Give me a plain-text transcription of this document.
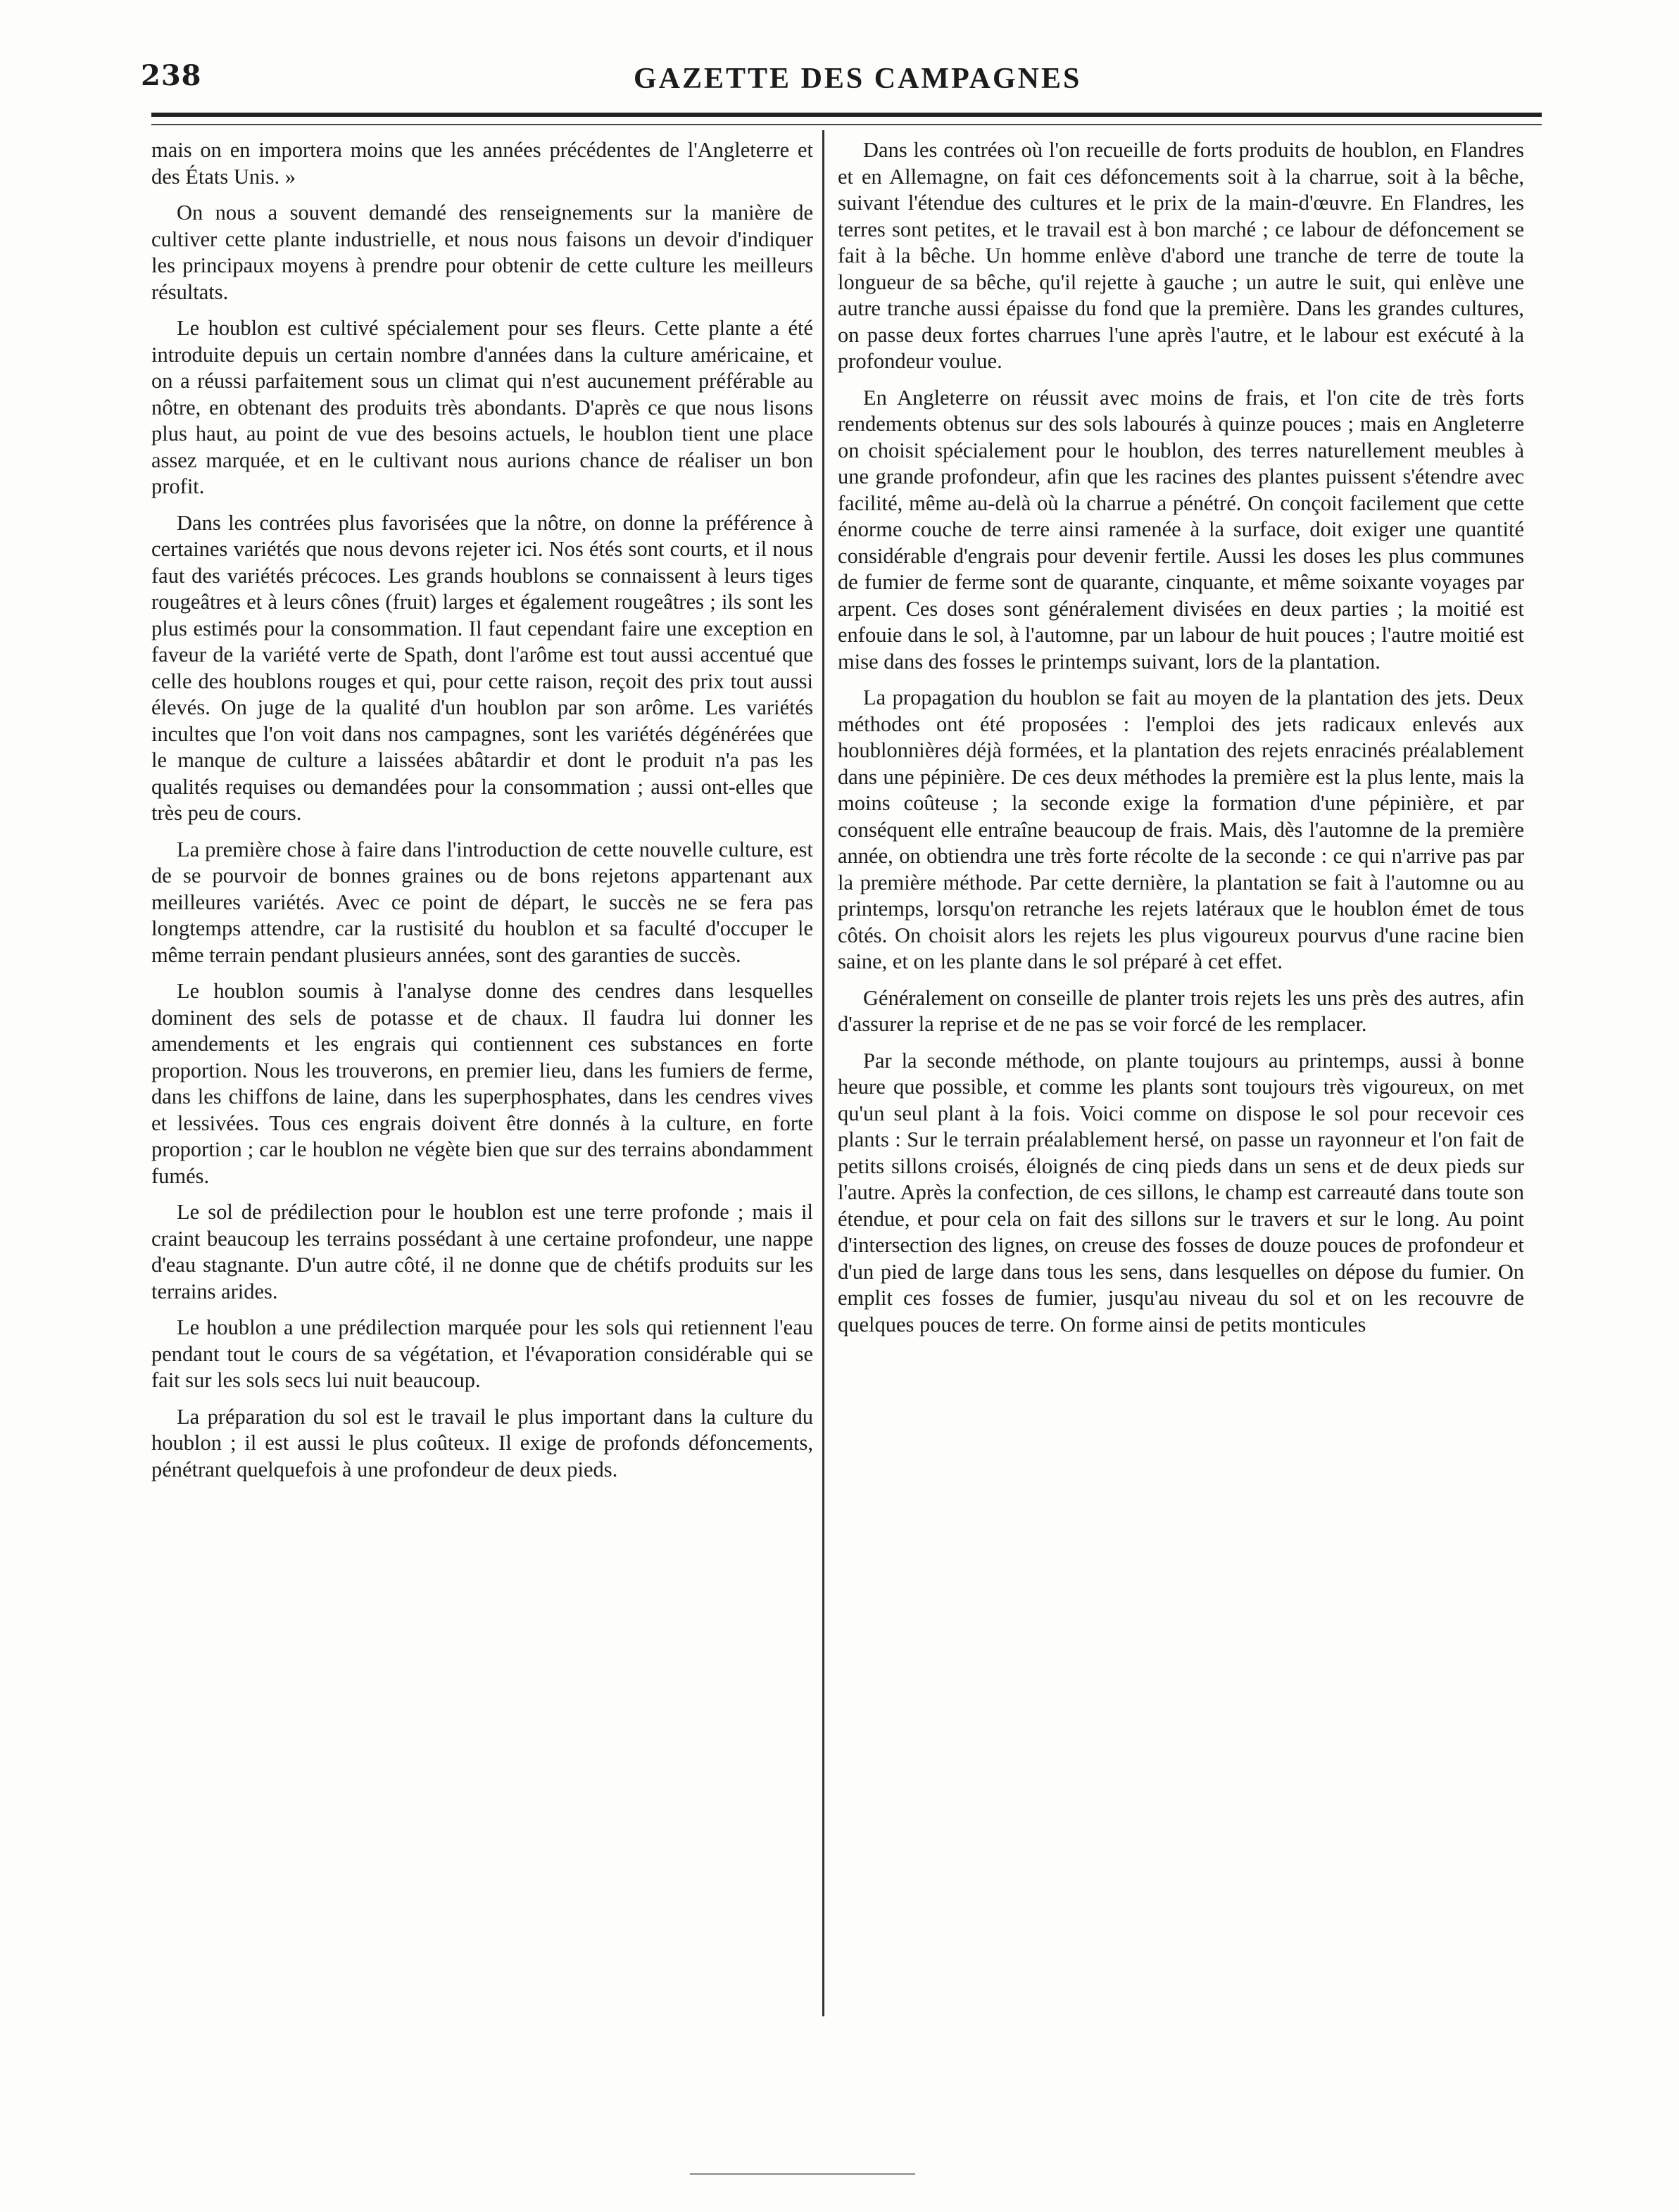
238	GAZETTE DES CAMPAGNES

mais on en importera moins que les années précédentes de l'Angleterre et des États Unis. »

On nous a souvent demandé des renseignements sur la manière de cultiver cette plante industrielle, et nous nous faisons un devoir d'indiquer les principaux moyens à prendre pour obtenir de cette culture les meilleurs résultats.

Le houblon est cultivé spécialement pour ses fleurs. Cette plante a été introduite depuis un certain nombre d'années dans la culture américaine, et on a réussi parfaitement sous un climat qui n'est aucunement préférable au nôtre, en obtenant des produits très abondants. D'après ce que nous lisons plus haut, au point de vue des besoins actuels, le houblon tient une place assez marquée, et en le cultivant nous aurions chance de réaliser un bon profit.

Dans les contrées plus favorisées que la nôtre, on donne la préférence à certaines variétés que nous devons rejeter ici. Nos étés sont courts, et il nous faut des variétés précoces. Les grands houblons se connaissent à leurs tiges rougeâtres et à leurs cônes (fruit) larges et également rougeâtres ; ils sont les plus estimés pour la consommation. Il faut cependant faire une exception en faveur de la variété verte de Spath, dont l'arôme est tout aussi accentué que celle des houblons rouges et qui, pour cette raison, reçoit des prix tout aussi élevés. On juge de la qualité d'un houblon par son arôme. Les variétés incultes que l'on voit dans nos campagnes, sont les variétés dégénérées que le manque de culture a laissées abâtardir et dont le produit n'a pas les qualités requises ou demandées pour la consommation ; aussi ont-elles que très peu de cours.

La première chose à faire dans l'introduction de cette nouvelle culture, est de se pourvoir de bonnes graines ou de bons rejetons appartenant aux meilleures variétés. Avec ce point de départ, le succès ne se fera pas longtemps attendre, car la rustisité du houblon et sa faculté d'occuper le même terrain pendant plusieurs années, sont des garanties de succès.

Le houblon soumis à l'analyse donne des cendres dans lesquelles dominent des sels de potasse et de chaux. Il faudra lui donner les amendements et les engrais qui contiennent ces substances en forte proportion. Nous les trouverons, en premier lieu, dans les fumiers de ferme, dans les chiffons de laine, dans les superphosphates, dans les cendres vives et lessivées. Tous ces engrais doivent être donnés à la culture, en forte proportion ; car le houblon ne végète bien que sur des terrains abondamment fumés.

Le sol de prédilection pour le houblon est une terre profonde ; mais il craint beaucoup les terrains possédant à une certaine profondeur, une nappe d'eau stagnante. D'un autre côté, il ne donne que de chétifs produits sur les terrains arides.

Le houblon a une prédilection marquée pour les sols qui retiennent l'eau pendant tout le cours de sa végétation, et l'évaporation considérable qui se fait sur les sols secs lui nuit beaucoup.

La préparation du sol est le travail le plus important dans la culture du houblon ; il est aussi le plus coûteux. Il exige de profonds défoncements, pénétrant quelquefois à une profondeur de deux pieds.

Dans les contrées où l'on recueille de forts produits de houblon, en Flandres et en Allemagne, on fait ces défoncements soit à la charrue, soit à la bêche, suivant l'étendue des cultures et le prix de la main-d'œuvre. En Flandres, les terres sont petites, et le travail est à bon marché ; ce labour de défoncement se fait à la bêche. Un homme enlève d'abord une tranche de terre de toute la longueur de sa bêche, qu'il rejette à gauche ; un autre le suit, qui enlève une autre tranche aussi épaisse du fond que la première. Dans les grandes cultures, on passe deux fortes charrues l'une après l'autre, et le labour est exécuté à la profondeur voulue.

En Angleterre on réussit avec moins de frais, et l'on cite de très forts rendements obtenus sur des sols labourés à quinze pouces ; mais en Angleterre on choisit spécialement pour le houblon, des terres naturellement meubles à une grande profondeur, afin que les racines des plantes puissent s'étendre avec facilité, même au-delà où la charrue a pénétré. On conçoit facilement que cette énorme couche de terre ainsi ramenée à la surface, doit exiger une quantité considérable d'engrais pour devenir fertile. Aussi les doses les plus communes de fumier de ferme sont de quarante, cinquante, et même soixante voyages par arpent. Ces doses sont généralement divisées en deux parties ; la moitié est enfouie dans le sol, à l'automne, par un labour de huit pouces ; l'autre moitié est mise dans des fosses le printemps suivant, lors de la plantation.

La propagation du houblon se fait au moyen de la plantation des jets. Deux méthodes ont été proposées : l'emploi des jets radicaux enlevés aux houblonnières déjà formées, et la plantation des rejets enracinés préalablement dans une pépinière. De ces deux méthodes la première est la plus lente, mais la moins coûteuse ; la seconde exige la formation d'une pépinière, et par conséquent elle entraîne beaucoup de frais. Mais, dès l'automne de la première année, on obtiendra une très forte récolte de la seconde : ce qui n'arrive pas par la première méthode. Par cette dernière, la plantation se fait à l'automne ou au printemps, lorsqu'on retranche les rejets latéraux que le houblon émet de tous côtés. On choisit alors les rejets les plus vigoureux pourvus d'une racine bien saine, et on les plante dans le sol préparé à cet effet.

Généralement on conseille de planter trois rejets les uns près des autres, afin d'assurer la reprise et de ne pas se voir forcé de les remplacer.

Par la seconde méthode, on plante toujours au printemps, aussi à bonne heure que possible, et comme les plants sont toujours très vigoureux, on met qu'un seul plant à la fois. Voici comme on dispose le sol pour recevoir ces plants : Sur le terrain préalablement hersé, on passe un rayonneur et l'on fait de petits sillons croisés, éloignés de cinq pieds dans un sens et de deux pieds sur l'autre. Après la confection, de ces sillons, le champ est carreauté dans toute son étendue, et pour cela on fait des sillons sur le travers et sur le long. Au point d'intersection des lignes, on creuse des fosses de douze pouces de profondeur et d'un pied de large dans tous les sens, dans lesquelles on dépose du fumier. On emplit ces fosses de fumier, jusqu'au niveau du sol et on les recouvre de quelques pouces de terre. On forme ainsi de petits monticules
